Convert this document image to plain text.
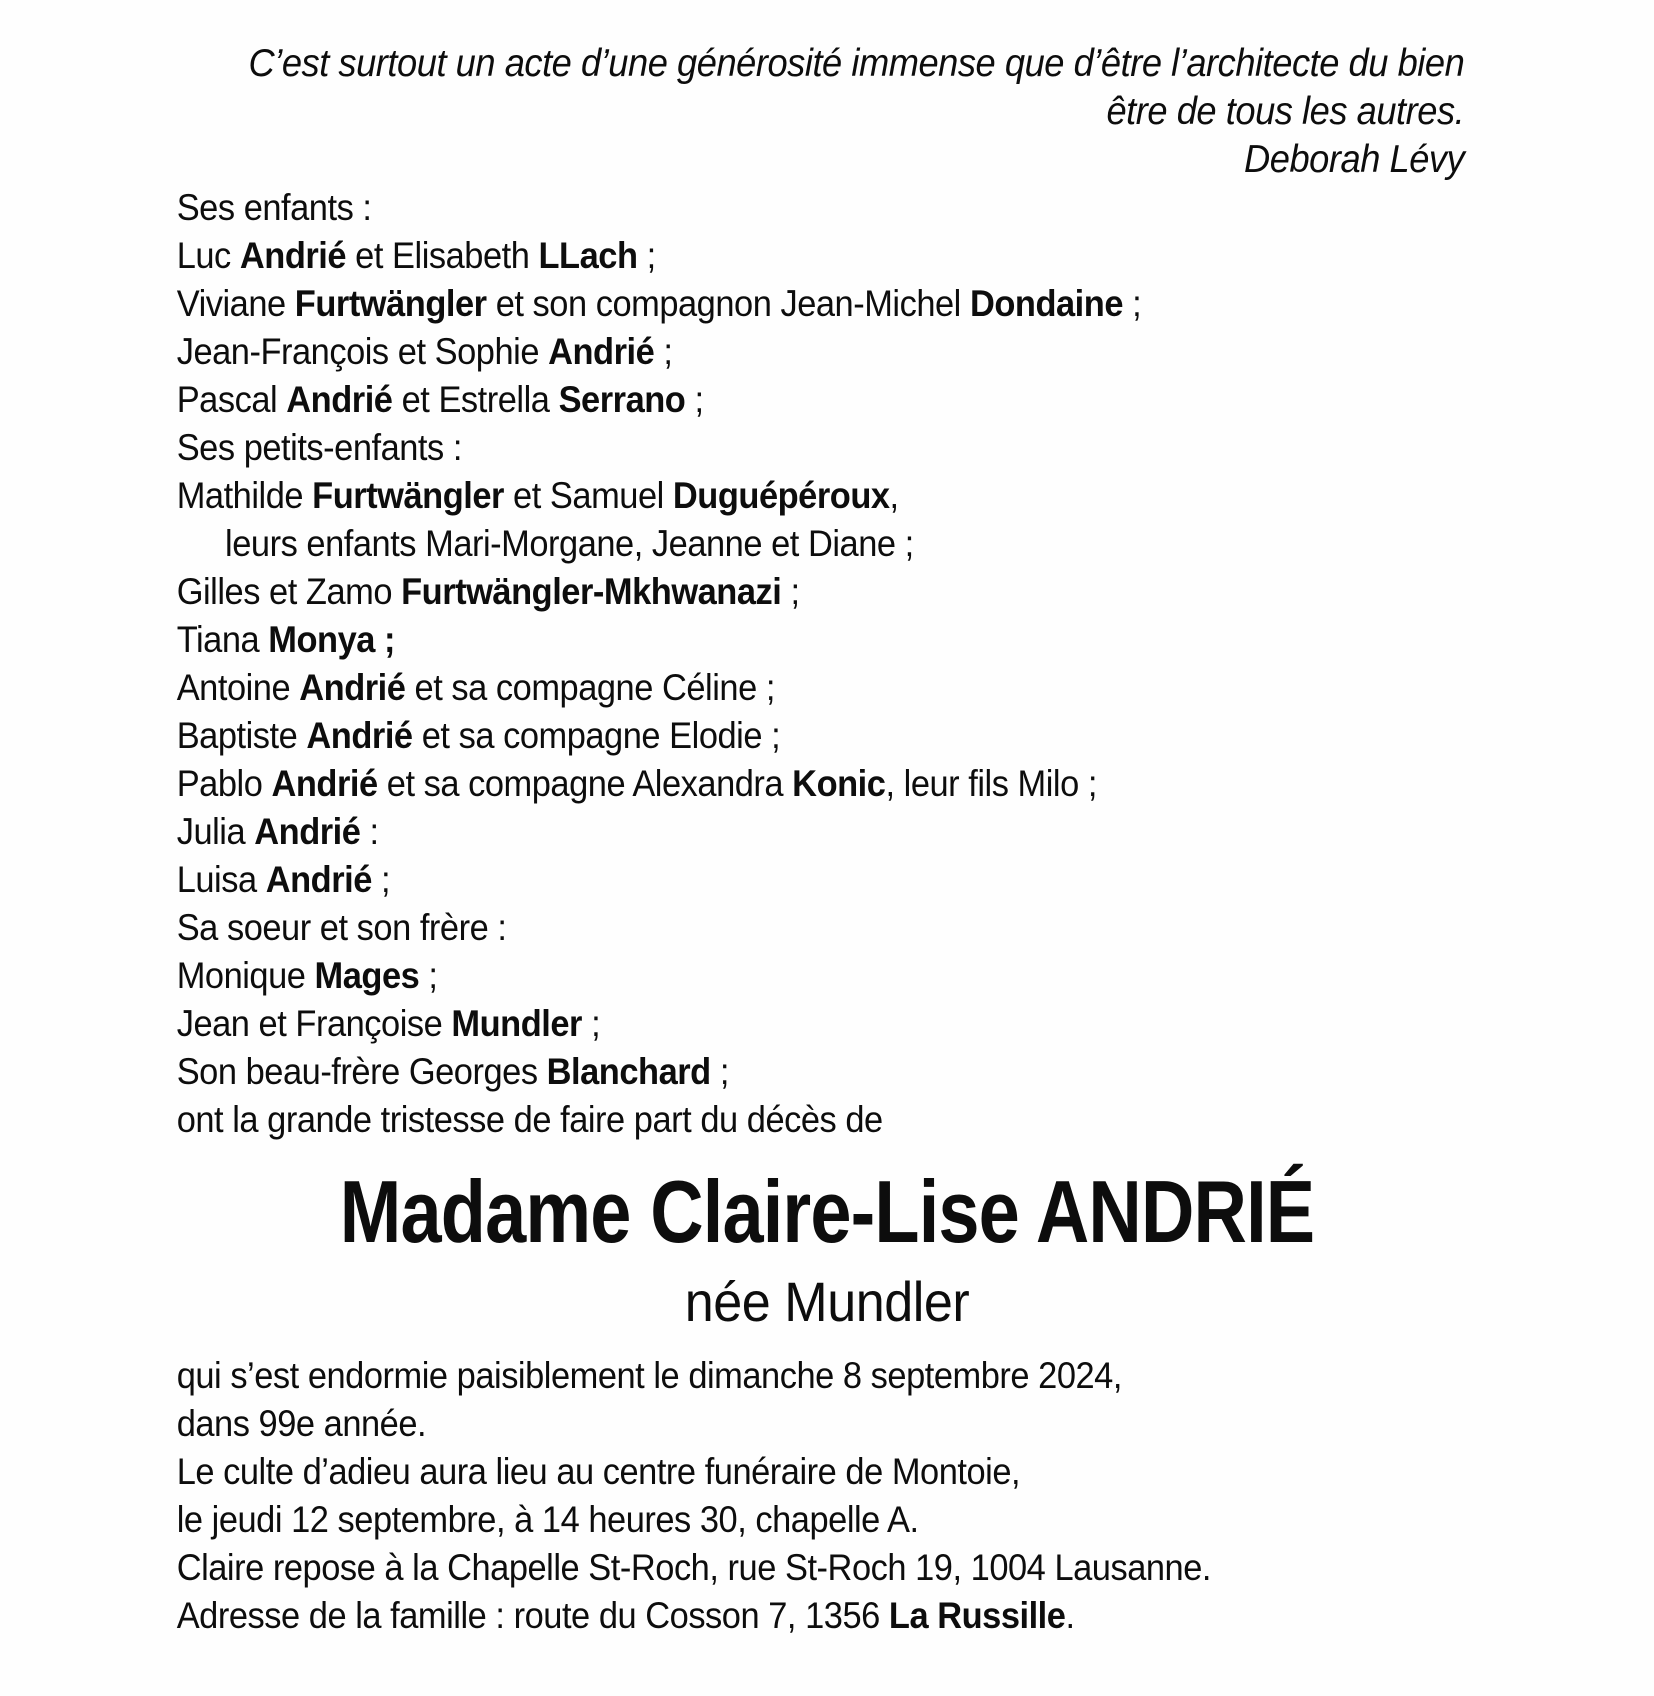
C’est surtout un acte d’une générosité immense que d’être l’architecte du bien
être de tous les autres.
Deborah Lévy
Ses enfants :
Luc Andrié et Elisabeth LLach ;
Viviane Furtwängler et son compagnon Jean-Michel Dondaine ;
Jean-François et Sophie Andrié ;
Pascal Andrié et Estrella Serrano ;
Ses petits-enfants :
Mathilde Furtwängler et Samuel Duguépéroux,
leurs enfants Mari-Morgane, Jeanne et Diane ;
Gilles et Zamo Furtwängler-Mkhwanazi ;
Tiana Monya ;
Antoine Andrié et sa compagne Céline ;
Baptiste Andrié et sa compagne Elodie ;
Pablo Andrié et sa compagne Alexandra Konic, leur fils Milo ;
Julia Andrié :
Luisa Andrié ;
Sa soeur et son frère :
Monique Mages ;
Jean et Françoise Mundler ;
Son beau-frère Georges Blanchard ;
ont la grande tristesse de faire part du décès de
Madame Claire-Lise ANDRIÉ
née Mundler
qui s’est endormie paisiblement le dimanche 8 septembre 2024,
dans 99e année.
Le culte d’adieu aura lieu au centre funéraire de Montoie,
le jeudi 12 septembre, à 14 heures 30, chapelle A.
Claire repose à la Chapelle St-Roch, rue St-Roch 19, 1004 Lausanne.
Adresse de la famille : route du Cosson 7, 1356 La Russille.
